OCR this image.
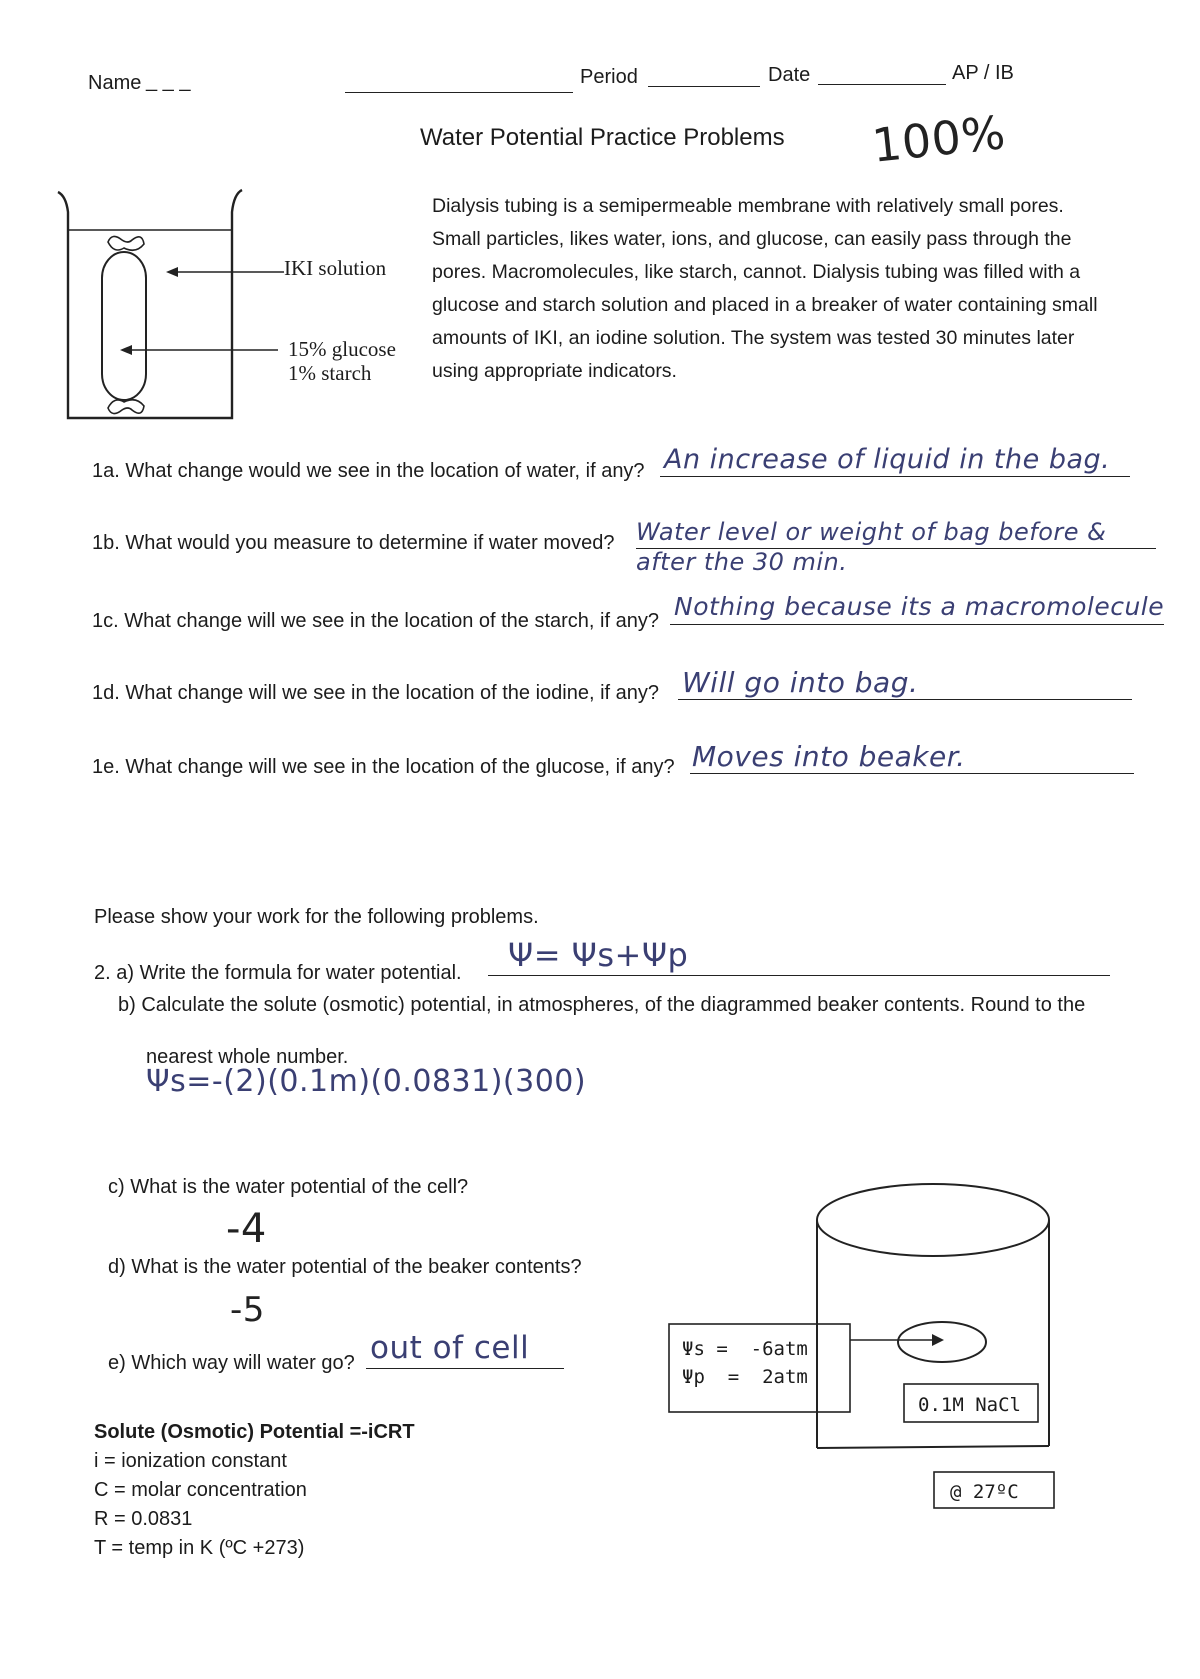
Name _ _ _	Period	Date	AP / IB
Water Potential Practice Problems 100%
IKI solution
15% glucose
1% starch
Dialysis tubing is a semipermeable membrane with relatively small pores.
Small particles, likes water, ions, and glucose, can easily pass through the
pores. Macromolecules, like starch, cannot. Dialysis tubing was filled with a
glucose and starch solution and placed in a breaker of water containing small
amounts of IKI, an iodine solution. The system was tested 30 minutes later
using appropriate indicators.
1a. What change would we see in the location of water, if any? An increase of liquid in the bag.
1b. What would you measure to determine if water moved? Water level or weight of bag before &
after the 30 min.
1c. What change will we see in the location of the starch, if any? Nothing because its a macromolecule
1d. What change will we see in the location of the iodine, if any? Will go into bag.
1e. What change will we see in the location of the glucose, if any? Moves into beaker.
Please show your work for the following problems.
2. a) Write the formula for water potential. Ψ= Ψs+Ψp
b) Calculate the solute (osmotic) potential, in atmospheres, of the diagrammed beaker contents. Round to the
nearest whole number.
Ψs=-(2)(0.1m)(0.0831)(300)
c) What is the water potential of the cell?
-4
d) What is the water potential of the beaker contents?
-5
e) Which way will water go? out of cell	Ψs =  -6atm
Ψp  =  2atm
0.1M NaCl
@ 27ºC
Solute (Osmotic) Potential =-iCRT
i = ionization constant
C = molar concentration
R = 0.0831
T = temp in K (ºC +273)
